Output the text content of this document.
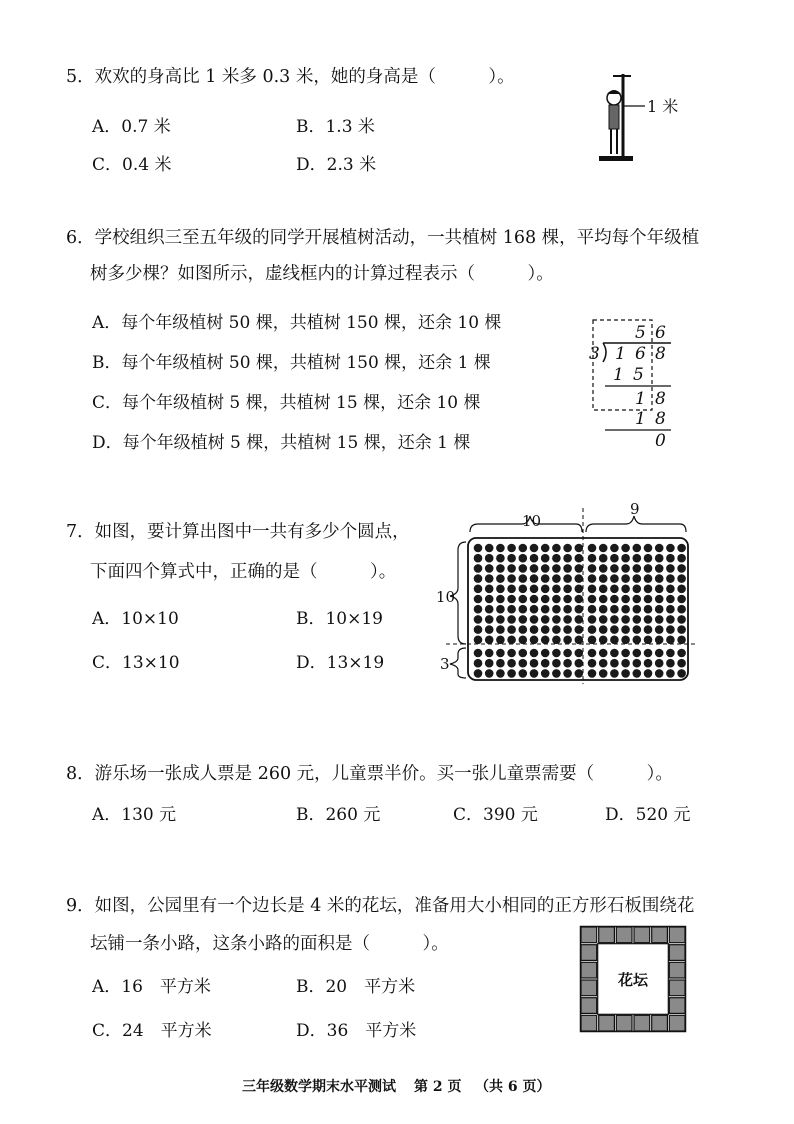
5．欢欢的身高比 1 米多 0.3 米，她的身高是（　　　）。
A．0.7 米	B．1.3 米
C．0.4 米	D．2.3 米
1 米
6．学校组织三至五年级的同学开展植树活动，一共植树 168 棵，平均每个年级植
树多少棵？如图所示，虚线框内的计算过程表示（　　　）。
A．每个年级植树 50 棵，共植树 150 棵，还余 10 棵
B．每个年级植树 50 棵，共植树 150 棵，还余 1 棵
C．每个年级植树 5 棵，共植树 15 棵，还余 10 棵
D．每个年级植树 5 棵，共植树 15 棵，还余 1 棵
5 6
3 1 6 8
1 5
1 8
1 8
0
7．如图，要计算出图中一共有多少个圆点，
下面四个算式中，正确的是（　　　）。
A．10×10	B．10×19
C．13×10	D．13×19
10
9
10
3
8．游乐场一张成人票是 260 元，儿童票半价。买一张儿童票需要（　　　）。
A．130 元	B．260 元	C．390 元	D．520 元
9．如图，公园里有一个边长是 4 米的花坛，准备用大小相同的正方形石板围绕花
坛铺一条小路，这条小路的面积是（　　　）。
A．16　平方米	B．20　平方米
C．24　平方米	D．36　平方米
花坛
三年级数学期末水平测试 第 2 页 （共 6 页）
